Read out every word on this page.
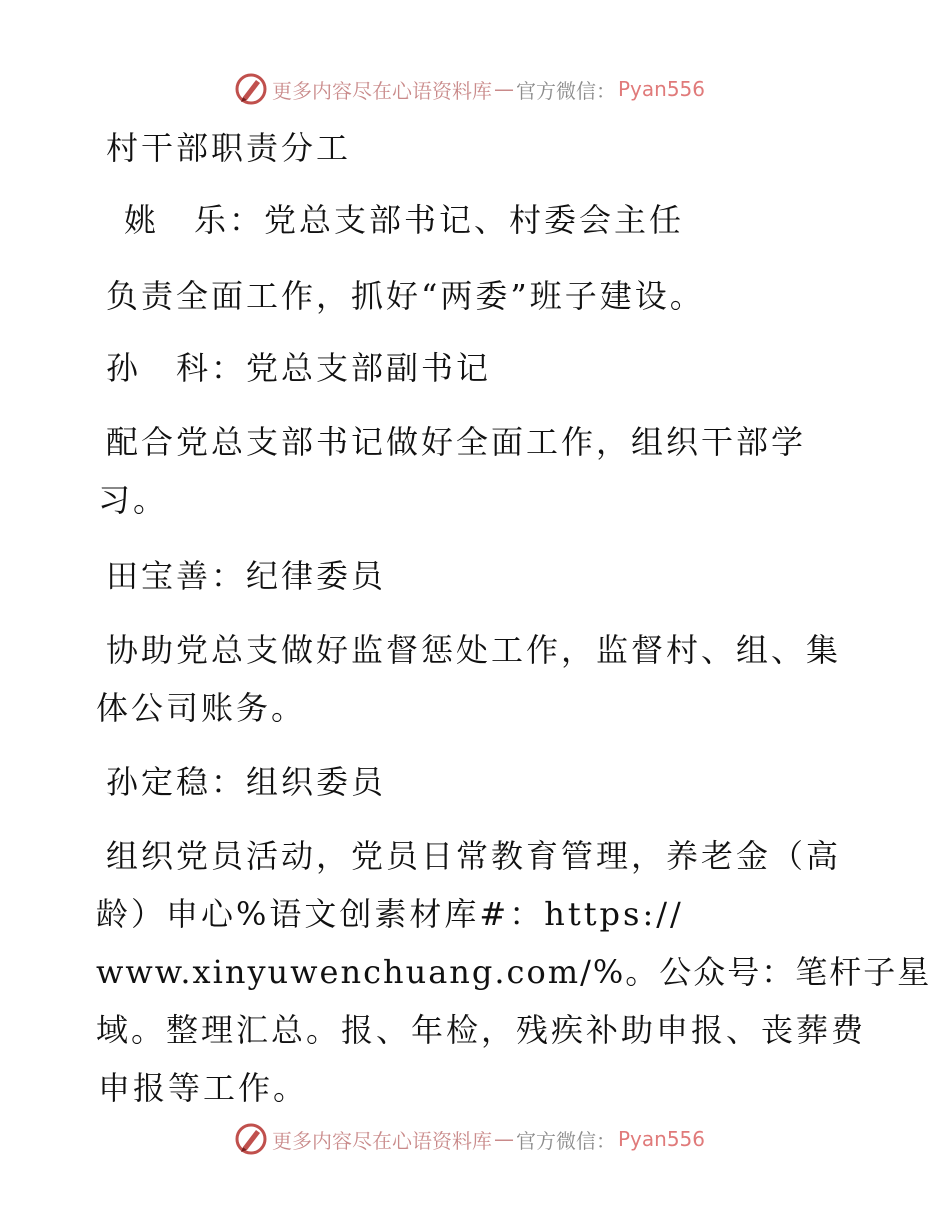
更多内容尽在心语资料库 — 官方微信： Pyan556
村干部职责分工
姚　乐：党总支部书记、村委会主任
负责全面工作，抓好“两委”班子建设。
孙　科：党总支部副书记
配合党总支部书记做好全面工作，组织干部学
习。
田宝善：纪律委员
协助党总支做好监督惩处工作，监督村、组、集
体公司账务。
孙定稳：组织委员
组织党员活动，党员日常教育管理，养老金（高
龄）申心%语文创素材库#：https://
www.xinyuwenchuang.com/%。公众号：笔杆子星
域。整理汇总。报、年检，残疾补助申报、丧葬费
申报等工作。
更多内容尽在心语资料库 — 官方微信： Pyan556
